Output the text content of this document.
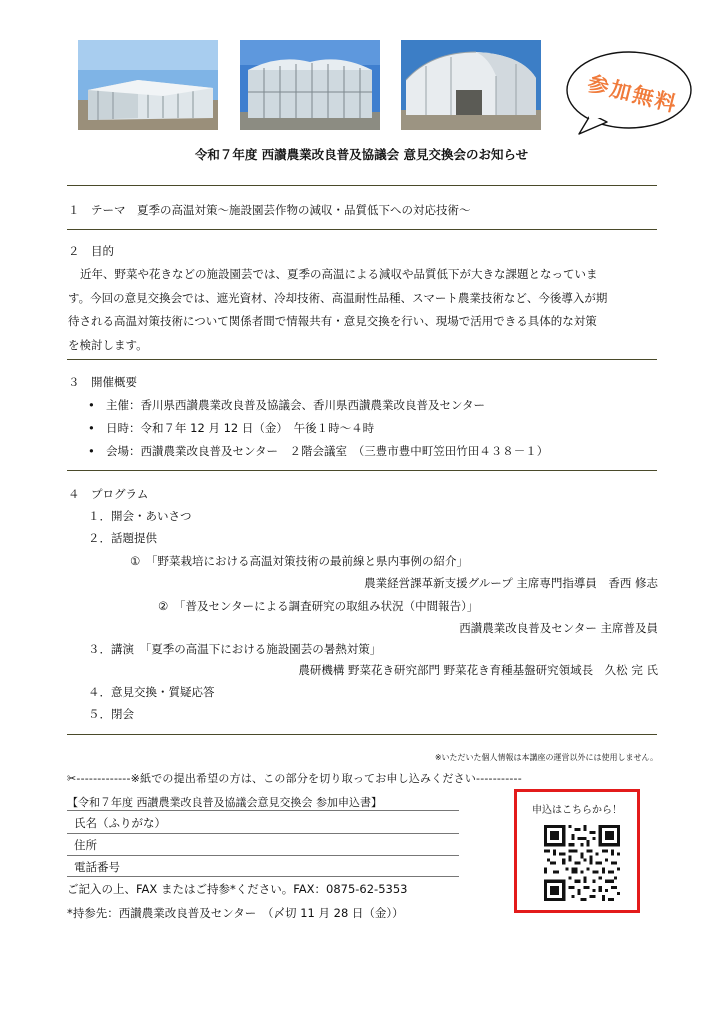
参加無料
令和７年度 西讃農業改良普及協議会 意見交換会のお知らせ
１　テーマ　夏季の高温対策～施設園芸作物の減収・品質低下への対応技術～
２　目的
近年、野菜や花きなどの施設園芸では、夏季の高温による減収や品質低下が大きな課題となっていま
す。今回の意見交換会では、遮光資材、冷却技術、高温耐性品種、スマート農業技術など、今後導入が期
待される高温対策技術について関係者間で情報共有・意見交換を行い、現場で活用できる具体的な対策
を検討します。
３　開催概要
• 主催：香川県西讃農業改良普及協議会、香川県西讃農業改良普及センター
• 日時：令和７年 12 月 12 日（金）　午後１時～４時
• 会場：西讃農業改良普及センター　２階会議室　（三豊市豊中町笠田竹田４３８－１）
４　プログラム
１．開会・あいさつ
２．話題提供
①　「野菜栽培における高温対策技術の最前線と県内事例の紹介」
農業経営課革新支援グループ 主席専門指導員　香西 修志
②　「普及センターによる調査研究の取組み状況（中間報告）」
西讃農業改良普及センター 主席普及員
３．講演　「夏季の高温下における施設園芸の暑熱対策」
農研機構 野菜花き研究部門 野菜花き育種基盤研究領域長　久松 完 氏
４．意見交換・質疑応答
５．閉会
※いただいた個人情報は本講座の運営以外には使用しません。
✂-------------※紙での提出希望の方は、この部分を切り取ってお申し込みください-----------
【令和７年度 西讃農業改良普及協議会意見交換会 参加申込書】
氏名（ふりがな）
住所
電話番号
ご記入の上、FAX またはご持参*ください。FAX：0875-62-5353
*持参先：西讃農業改良普及センター　（〆切 11 月 28 日（金））
申込はこちらから！
